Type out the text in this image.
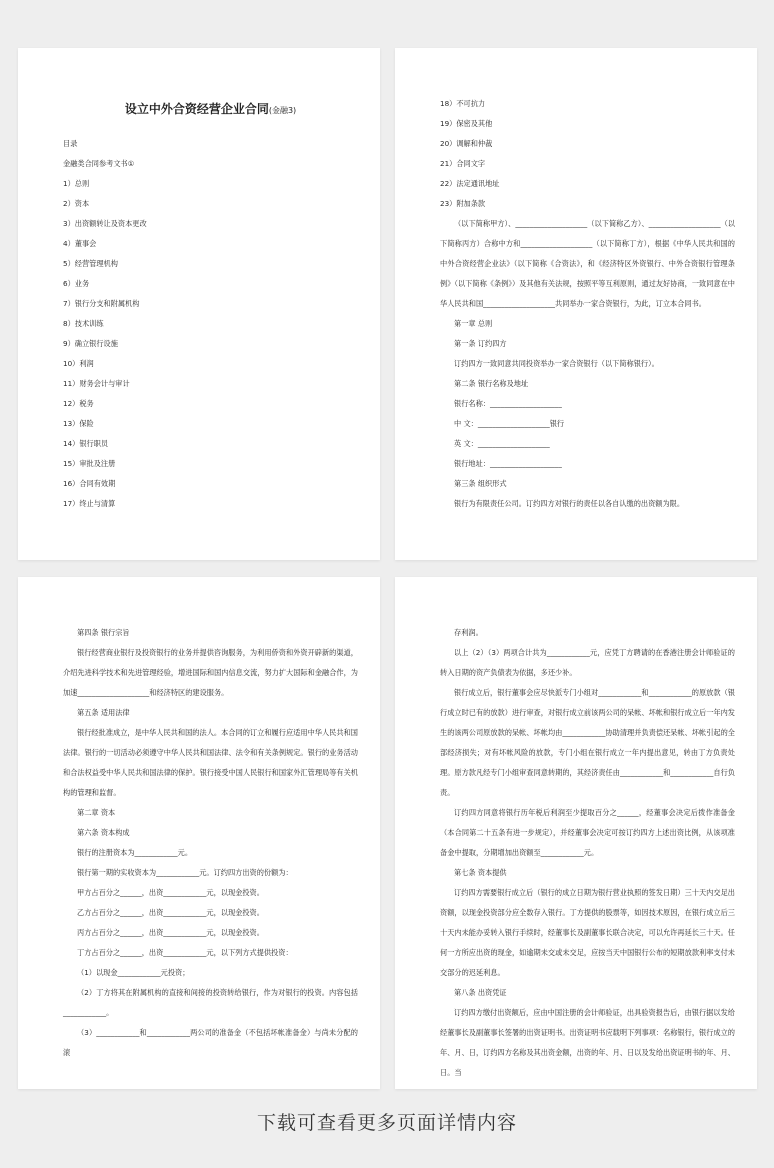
设立中外合资经营企业合同(金融3)
目录
金融类合同参考文书①
1）总则
2）资本
3）出资额转让及资本更改
4）董事会
5）经营管理机构
6）业务
7）银行分支和附属机构
8）技术训练
9）确立银行设施
10）利润
11）财务会计与审计
12）税务
13）保险
14）银行职员
15）审批及注册
16）合同有效期
17）终止与清算
18）不可抗力
19）保密及其他
20）调解和仲裁
21）合同文字
22）法定通讯地址
23）附加条款
（以下简称甲方）、____________________（以下简称乙方）、____________________（以下简称丙方）合称中方和____________________（以下简称丁方），根据《中华人民共和国的中外合资经营企业法》（以下简称《合资法》，和《经济特区外资银行、中外合资银行管理条例》（以下简称《条例》）及其他有关法规，按照平等互利原则，通过友好协商，一致同意在中华人民共和国____________________共同举办一家合资银行，为此，订立本合同书。
第一章 总则
第一条 订约四方
订约四方一致同意共同投资举办一家合资银行（以下简称银行）。
第二条 银行名称及地址
银行名称：____________________
中 文：____________________银行
英 文：____________________
银行地址：____________________
第三条 组织形式
银行为有限责任公司。订约四方对银行的责任以各自认缴的出资额为限。
第四条 银行宗旨
银行经营商业银行及投资银行的业务并提供咨询服务，为利用侨资和外资开辟新的渠道，介绍先进科学技术和先进管理经验，增进国际和国内信息交流，努力扩大国际和金融合作，为加速____________________和经济特区的建设服务。
第五条 适用法律
银行经批准成立，是中华人民共和国的法人。本合同的订立和履行应适用中华人民共和国法律。银行的一切活动必须遵守中华人民共和国法律、法令和有关条例规定。银行的业务活动和合法权益受中华人民共和国法律的保护。银行接受中国人民银行和国家外汇管理局等有关机构的管理和监督。
第二章 资本
第六条 资本构成
银行的注册资本为____________元。
银行第一期的实收资本为____________元。订约四方出资的份额为：
甲方占百分之______，出资____________元，以现金投资。
乙方占百分之______，出资____________元，以现金投资。
丙方占百分之______，出资____________元，以现金投资。
丁方占百分之______，出资____________元，以下列方式提供投资：
（1）以现金____________元投资；
（2）丁方将其在附属机构的直接和间接的投资转给银行，作为对银行的投资。内容包括____________。
（3）____________和____________两公司的准备金（不包括坏帐准备金）与尚未分配的滚
存利润。
以上（2）（3）两项合计共为____________元，应凭丁方聘请的在香港注册会计师验证的转入日期的资产负债表为依据，多还少补。
银行成立后，银行董事会应尽快派专门小组对____________和____________的原放款（银行成立时已有的放款）进行审查，对银行成立前该两公司的呆帐、坏帐和银行成立后一年内发生的该两公司原放款的呆帐、坏帐均由____________协助清理并负责偿还呆帐、坏帐引起的全部经济损失；对有坏帐风险的放款，专门小组在银行成立一年内提出意见，转由丁方负责处理。原方款凡经专门小组审查同意转期的，其经济责任由____________和____________自行负责。
订约四方同意将银行历年税后利润至少提取百分之______，经董事会决定后拨作准备金（本合同第二十五条有进一步规定），并经董事会决定可按订约四方上述出资比例，从该项准备金中提取，分期增加出资额至____________元。
第七条 资本提供
订约四方需要银行成立后（银行的成立日期为银行营业执照的签发日期）三十天内交足出资额，以现金投资部分应全数存入银行。丁方提供的股票等，如因技术原因，在银行成立后三十天内未能办妥转入银行手续时，经董事长及副董事长联合决定，可以允许再延长三十天。任何一方所应出资的现金，如逾期未交或未交足，应按当天中国银行公布的短期放款利率支付未交部分的迟延利息。
第八条 出资凭证
订约四方缴付出资额后，应由中国注册的会计师验证，出具验资报告后，由银行据以发给经董事长及副董事长签署的出资证明书。出资证明书应载明下列事项：名称银行，银行成立的年、月、日，订约四方名称及其出资金额，出资的年、月、日以及发给出资证明书的年、月、日。当
下载可查看更多页面详情内容
